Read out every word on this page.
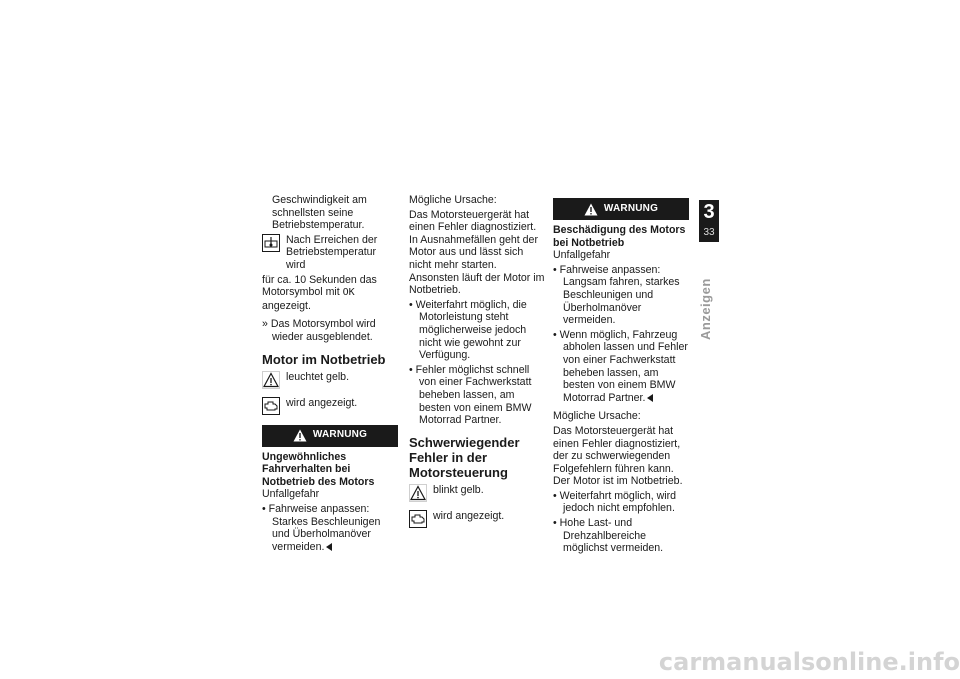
Geschwindigkeit am schnellsten seine Betriebstemperatur.

Nach Erreichen der Betriebstemperatur wird

für ca. 10 Sekunden das Motorsymbol mit OK angezeigt.

» Das Motorsymbol wird wieder ausgeblendet.

Motor im Notbetrieb
leuchtet gelb.
wird angezeigt.
WARNUNG

Ungewöhnliches Fahrverhalten bei Notbetrieb des Motors

Unfallgefahr

• Fahrweise anpassen: Starkes Beschleunigen und Überholmanöver vermeiden.

Mögliche Ursache:

Das Motorsteuergerät hat einen Fehler diagnostiziert. In Ausnahmefällen geht der Motor aus und lässt sich nicht mehr starten. Ansonsten läuft der Motor im Notbetrieb.

• Weiterfahrt möglich, die Motorleistung steht möglicherweise jedoch nicht wie gewohnt zur Verfügung.

• Fehler möglichst schnell von einer Fachwerkstatt beheben lassen, am besten von einem BMW Motorrad Partner.

Schwerwiegender Fehler in der Motorsteuerung
blinkt gelb.
wird angezeigt.
WARNUNG

Beschädigung des Motors bei Notbetrieb

Unfallgefahr

• Fahrweise anpassen: Langsam fahren, starkes Beschleunigen und Überholmanöver vermeiden.

• Wenn möglich, Fahrzeug abholen lassen und Fehler von einer Fachwerkstatt beheben lassen, am besten von einem BMW Motorrad Partner.

Mögliche Ursache:

Das Motorsteuergerät hat einen Fehler diagnostiziert, der zu schwerwiegenden Folgefehlern führen kann. Der Motor ist im Notbetrieb.

• Weiterfahrt möglich, wird jedoch nicht empfohlen.

• Hohe Last- und Drehzahlbereiche möglichst vermeiden.

3
33
Anzeigen
carmanualsonline.info
